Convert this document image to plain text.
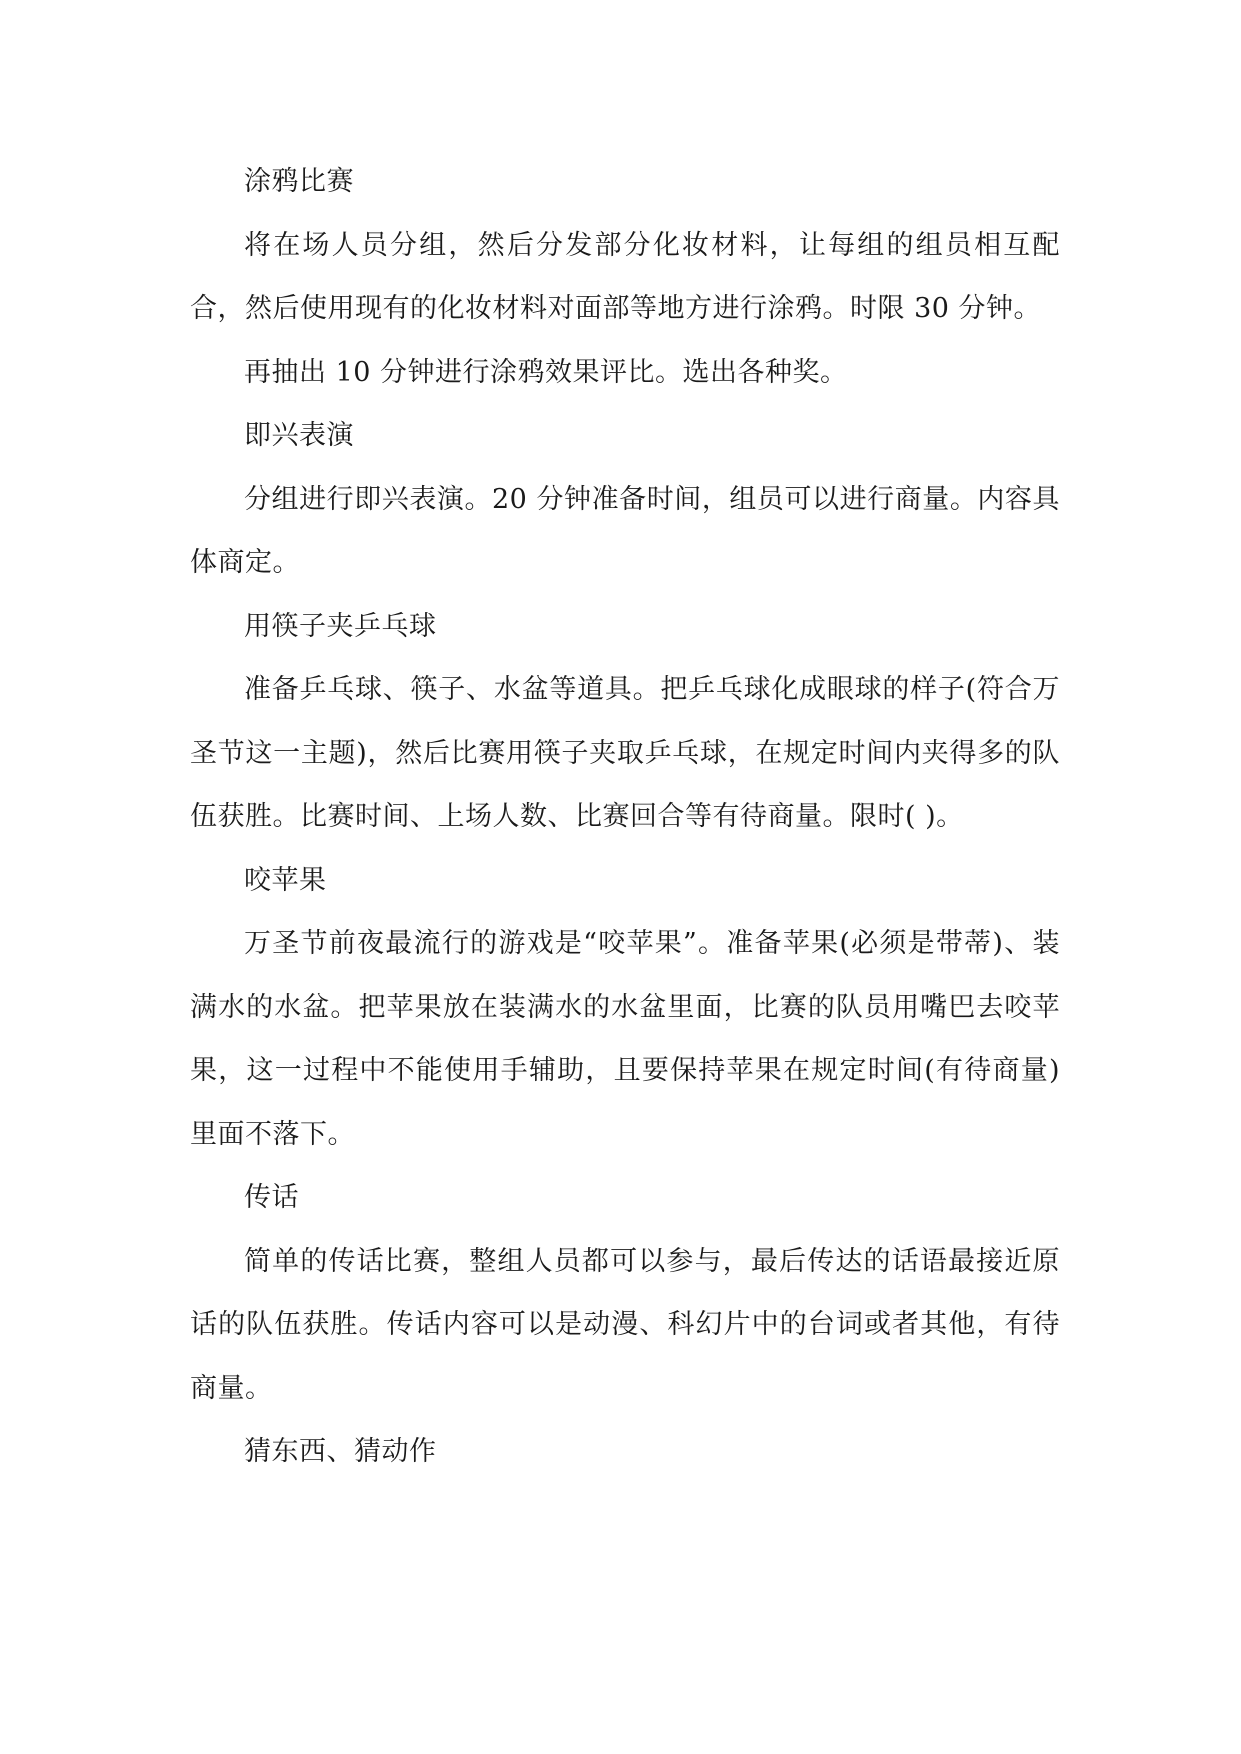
涂鸦比赛

将在场人员分组，然后分发部分化妆材料，让每组的组员相互配合，然后使用现有的化妆材料对面部等地方进行涂鸦。时限 30 分钟。

再抽出 10 分钟进行涂鸦效果评比。选出各种奖。

即兴表演

分组进行即兴表演。20 分钟准备时间，组员可以进行商量。内容具体商定。

用筷子夹乒乓球

准备乒乓球、筷子、水盆等道具。把乒乓球化成眼球的样子(符合万圣节这一主题)，然后比赛用筷子夹取乒乓球，在规定时间内夹得多的队伍获胜。比赛时间、上场人数、比赛回合等有待商量。限时( )。

咬苹果

万圣节前夜最流行的游戏是“咬苹果”。准备苹果(必须是带蒂)、装满水的水盆。把苹果放在装满水的水盆里面，比赛的队员用嘴巴去咬苹果，这一过程中不能使用手辅助，且要保持苹果在规定时间(有待商量)里面不落下。

传话

简单的传话比赛，整组人员都可以参与，最后传达的话语最接近原话的队伍获胜。传话内容可以是动漫、科幻片中的台词或者其他，有待商量。

猜东西、猜动作
